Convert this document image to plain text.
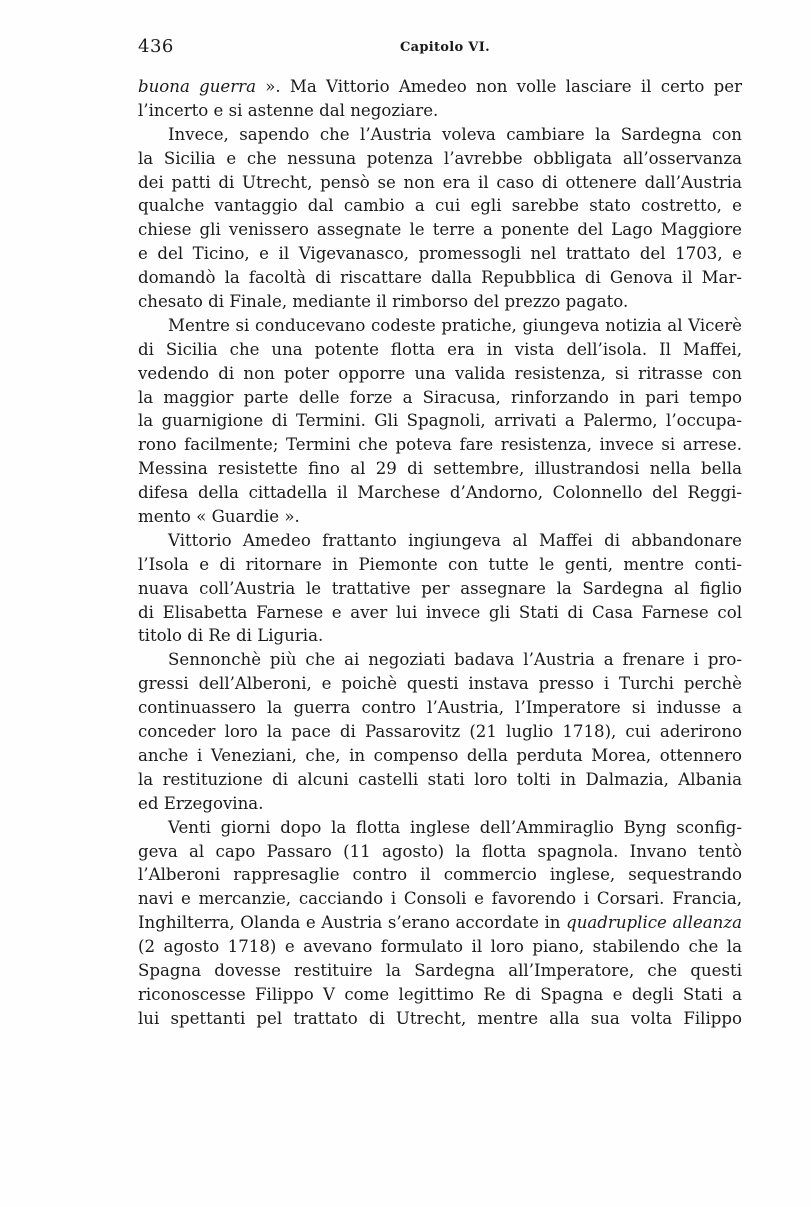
436	Capitolo VI.
buona guerra ». Ma Vittorio Amedeo non volle lasciare il certo per
l’incerto e si astenne dal negoziare.
Invece, sapendo che l’Austria voleva cambiare la Sardegna con
la Sicilia e che nessuna potenza l’avrebbe obbligata all’osservanza
dei patti di Utrecht, pensò se non era il caso di ottenere dall’Austria
qualche vantaggio dal cambio a cui egli sarebbe stato costretto, e
chiese gli venissero assegnate le terre a ponente del Lago Maggiore
e del Ticino, e il Vigevanasco, promessogli nel trattato del 1703, e
domandò la facoltà di riscattare dalla Repubblica di Genova il Mar-
chesato di Finale, mediante il rimborso del prezzo pagato.
Mentre si conducevano codeste pratiche, giungeva notizia al Vicerè
di Sicilia che una potente flotta era in vista dell’isola. Il Maffei,
vedendo di non poter opporre una valida resistenza, si ritrasse con
la maggior parte delle forze a Siracusa, rinforzando in pari tempo
la guarnigione di Termini. Gli Spagnoli, arrivati a Palermo, l’occupa-
rono facilmente; Termini che poteva fare resistenza, invece si arrese.
Messina resistette fino al 29 di settembre, illustrandosi nella bella
difesa della cittadella il Marchese d’Andorno, Colonnello del Reggi-
mento « Guardie ».
Vittorio Amedeo frattanto ingiungeva al Maffei di abbandonare
l’Isola e di ritornare in Piemonte con tutte le genti, mentre conti-
nuava coll’Austria le trattative per assegnare la Sardegna al figlio
di Elisabetta Farnese e aver lui invece gli Stati di Casa Farnese col
titolo di Re di Liguria.
Sennonchè più che ai negoziati badava l’Austria a frenare i pro-
gressi dell’Alberoni, e poichè questi instava presso i Turchi perchè
continuassero la guerra contro l’Austria, l’Imperatore si indusse a
conceder loro la pace di Passarovitz (21 luglio 1718), cui aderirono
anche i Veneziani, che, in compenso della perduta Morea, ottennero
la restituzione di alcuni castelli stati loro tolti in Dalmazia, Albania
ed Erzegovina.
Venti giorni dopo la flotta inglese dell’Ammiraglio Byng sconfig-
geva al capo Passaro (11 agosto) la flotta spagnola. Invano tentò
l’Alberoni rappresaglie contro il commercio inglese, sequestrando
navi e mercanzie, cacciando i Consoli e favorendo i Corsari. Francia,
Inghilterra, Olanda e Austria s’erano accordate in quadruplice alleanza
(2 agosto 1718) e avevano formulato il loro piano, stabilendo che la
Spagna dovesse restituire la Sardegna all’Imperatore, che questi
riconoscesse Filippo V come legittimo Re di Spagna e degli Stati a
lui spettanti pel trattato di Utrecht, mentre alla sua volta Filippo
